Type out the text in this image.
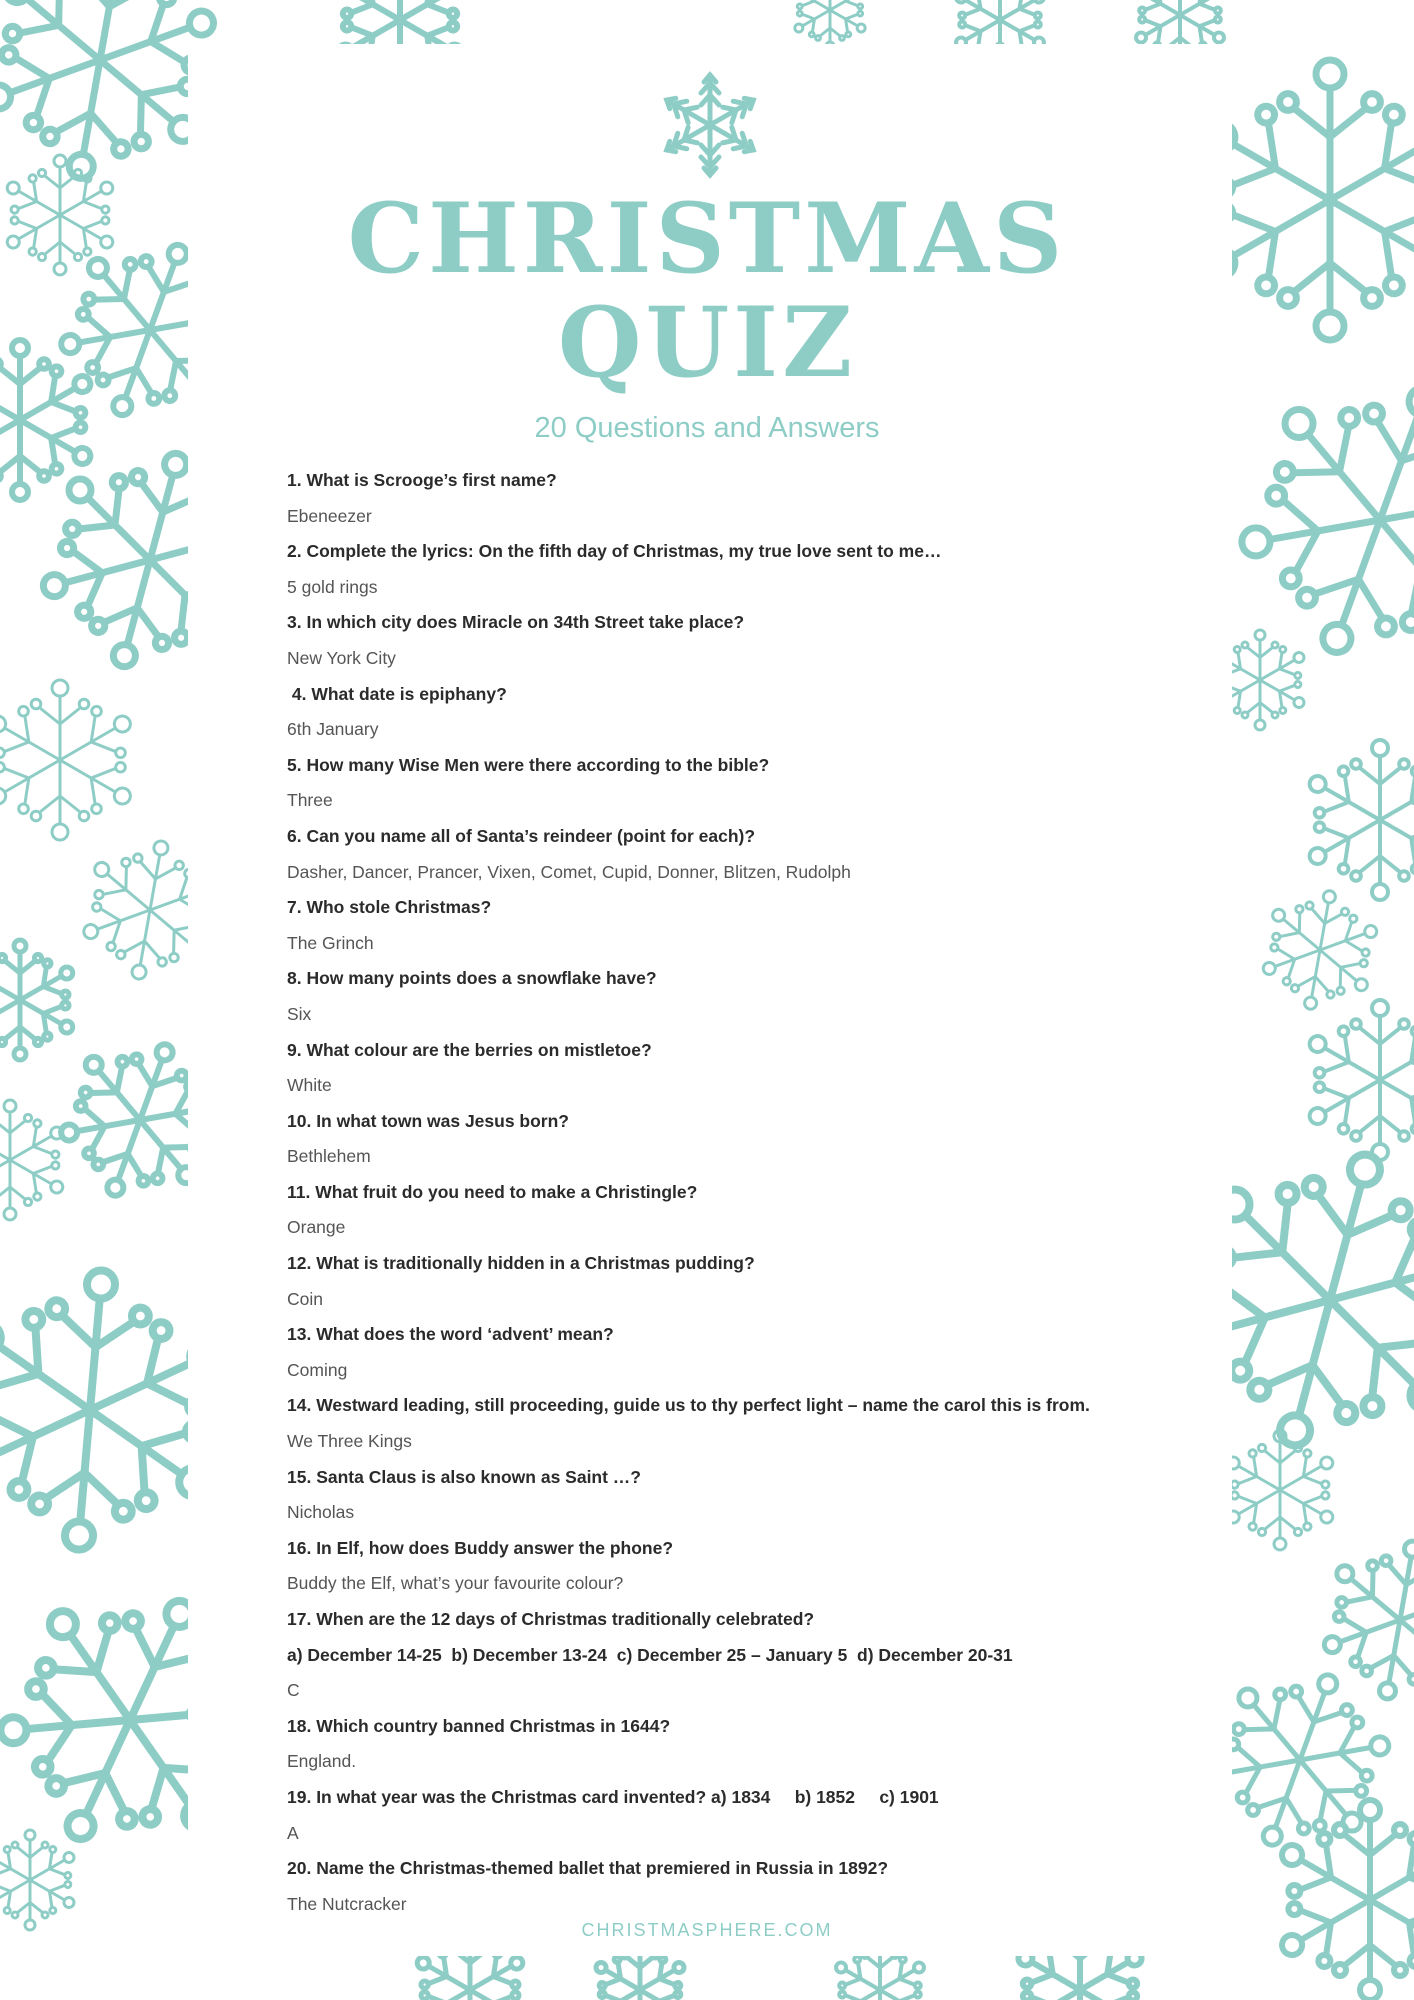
CHRISTMAS
QUIZ
20 Questions and Answers
1. What is Scrooge’s first name?
Ebeneezer
2. Complete the lyrics: On the fifth day of Christmas, my true love sent to me…
5 gold rings
3. In which city does Miracle on 34th Street take place?
New York City
4. What date is epiphany?
6th January
5. How many Wise Men were there according to the bible?
Three
6. Can you name all of Santa’s reindeer (point for each)?
Dasher, Dancer, Prancer, Vixen, Comet, Cupid, Donner, Blitzen, Rudolph
7. Who stole Christmas?
The Grinch
8. How many points does a snowflake have?
Six
9. What colour are the berries on mistletoe?
White
10. In what town was Jesus born?
Bethlehem
11. What fruit do you need to make a Christingle?
Orange
12. What is traditionally hidden in a Christmas pudding?
Coin
13. What does the word ‘advent’ mean?
Coming
14. Westward leading, still proceeding, guide us to thy perfect light – name the carol this is from.
We Three Kings
15. Santa Claus is also known as Saint …?
Nicholas
16. In Elf, how does Buddy answer the phone?
Buddy the Elf, what’s your favourite colour?
17. When are the 12 days of Christmas traditionally celebrated?
a) December 14-25  b) December 13-24  c) December 25 – January 5  d) December 20-31
C
18. Which country banned Christmas in 1644?
England.
19. In what year was the Christmas card invented? a) 1834     b) 1852     c) 1901
A
20. Name the Christmas-themed ballet that premiered in Russia in 1892?
The Nutcracker
CHRISTMASPHERE.COM
